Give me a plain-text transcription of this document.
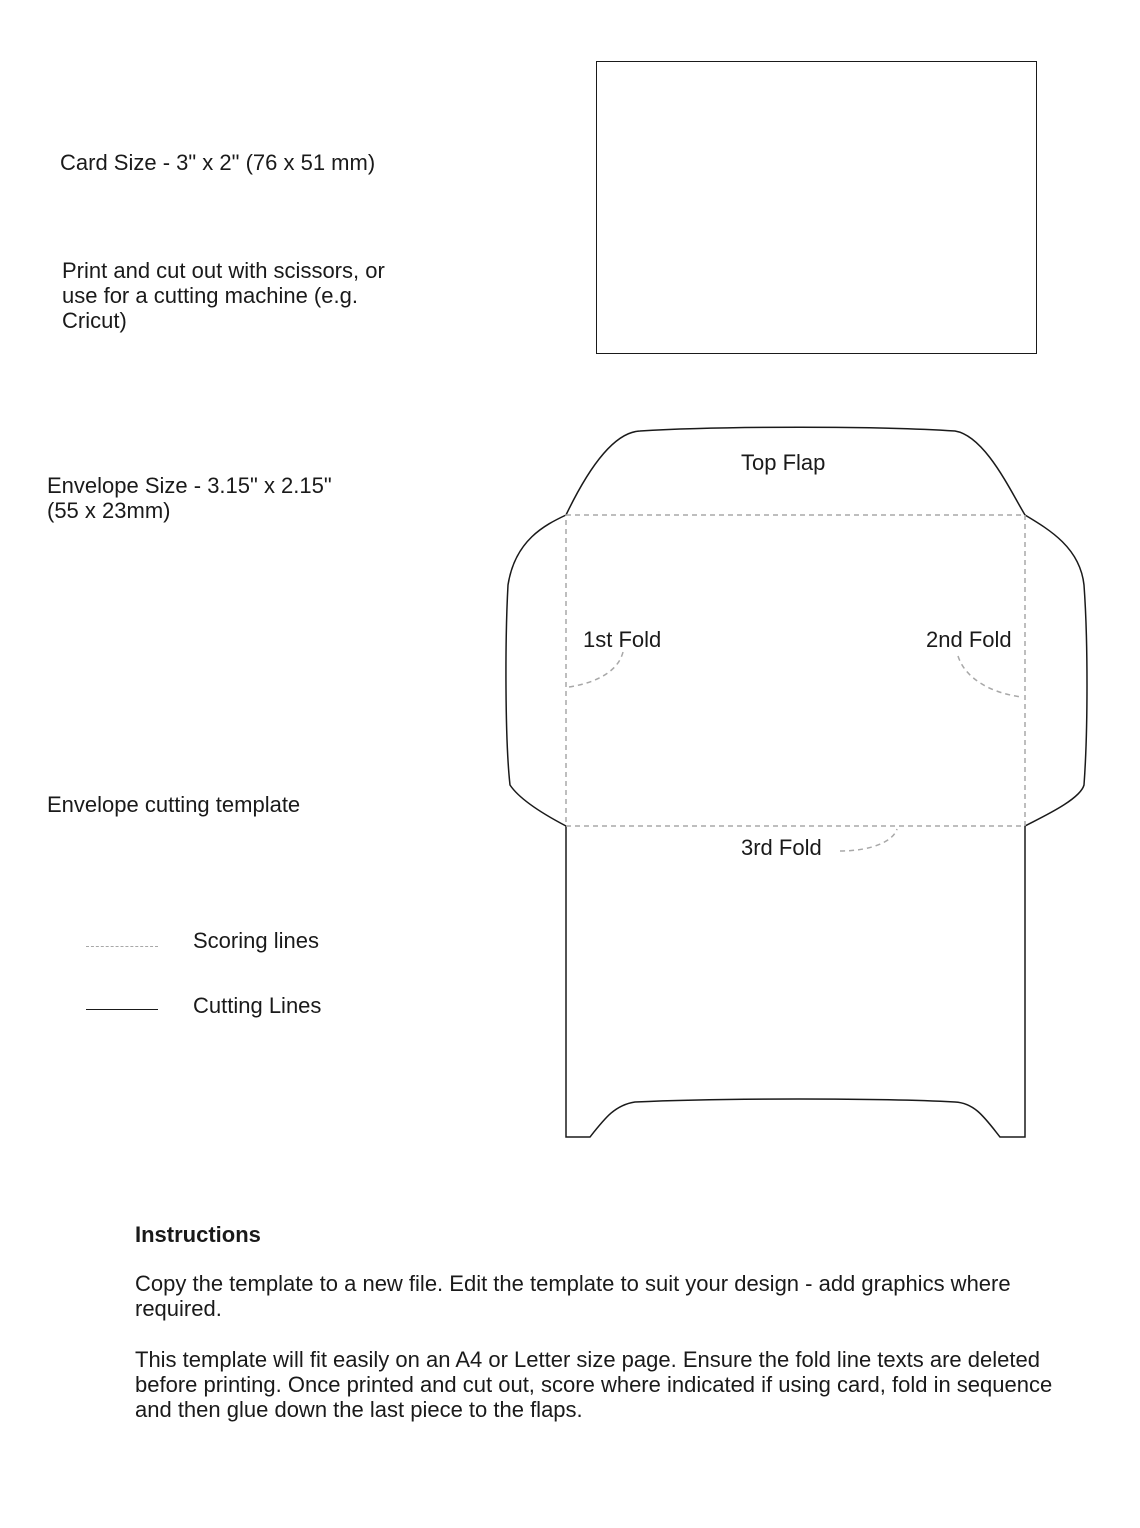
Card Size - 3" x 2" (76 x 51 mm)

Print and cut out with scissors, or use for a cutting machine (e.g. Cricut)

Envelope Size - 3.15" x 2.15" (55 x 23mm)

Envelope cutting template

Scoring lines
Cutting Lines
Top Flap
1st Fold	2nd Fold
3rd Fold
Instructions

Copy the template to a new file. Edit the template to suit your design - add graphics where required.

This template will fit easily on an A4 or Letter size page. Ensure the fold line texts are deleted before printing. Once printed and cut out, score where indicated if using card, fold in sequence and then glue down the last piece to the flaps.
